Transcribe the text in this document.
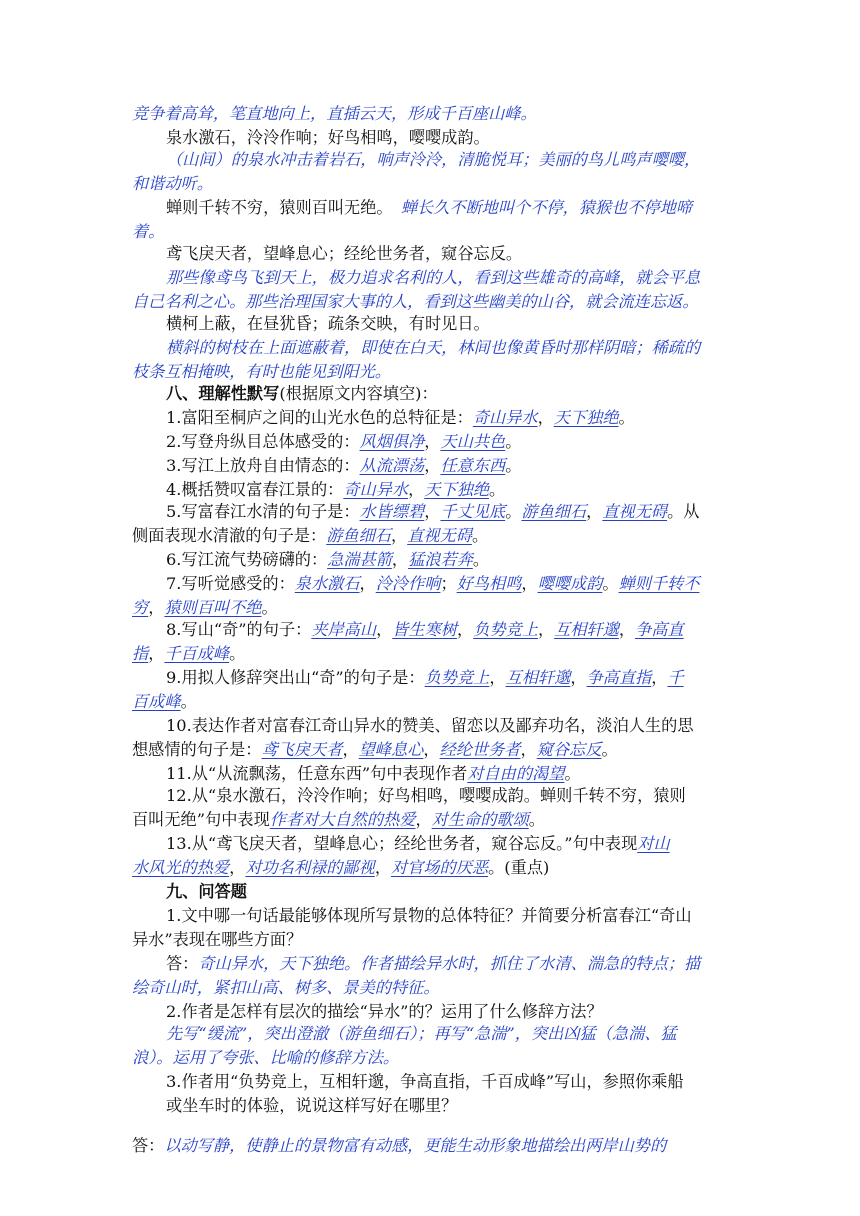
竞争着高耸，笔直地向上，直插云天，形成千百座山峰。
泉水激石，泠泠作响；好鸟相鸣，嘤嘤成韵。
（山间）的泉水冲击着岩石，响声泠泠，清脆悦耳；美丽的鸟儿鸣声嘤嘤，
和谐动听。
蝉则千转不穷，猿则百叫无绝。　蝉长久不断地叫个不停，猿猴也不停地啼
着。
鸢飞戾天者，望峰息心；经纶世务者，窥谷忘反。
那些像鸢鸟飞到天上，极力追求名利的人，看到这些雄奇的高峰，就会平息
自己名利之心。那些治理国家大事的人，看到这些幽美的山谷，就会流连忘返。
横柯上蔽，在昼犹昏；疏条交映，有时见日。
横斜的树枝在上面遮蔽着，即使在白天，林间也像黄昏时那样阴暗；稀疏的
枝条互相掩映，有时也能见到阳光。
八、理解性默写(根据原文内容填空)：
1.富阳至桐庐之间的山光水色的总特征是：奇山异水，天下独绝。
2.写登舟纵目总体感受的：风烟俱净，天山共色。
3.写江上放舟自由情态的：从流漂荡，任意东西。
4.概括赞叹富春江景的：奇山异水，天下独绝。
5.写富春江水清的句子是：水皆缥碧，千丈见底。游鱼细石，直视无碍。从
侧面表现水清澈的句子是：游鱼细石，直视无碍。
6.写江流气势磅礴的：急湍甚箭，猛浪若奔。
7.写听觉感受的：泉水激石，泠泠作响；好鸟相鸣，嘤嘤成韵。蝉则千转不
穷，猿则百叫不绝。
8.写山“奇”的句子：夹岸高山，皆生寒树，负势竞上，互相轩邈，争高直
指，千百成峰。
9.用拟人修辞突出山“奇”的句子是：负势竞上，互相轩邈，争高直指，千
百成峰。
10.表达作者对富春江奇山异水的赞美、留恋以及鄙弃功名，淡泊人生的思
想感情的句子是：鸢飞戾天者，望峰息心，经纶世务者，窥谷忘反。
11.从“从流飘荡，任意东西”句中表现作者对自由的渴望。
12.从“泉水激石，泠泠作响；好鸟相鸣，嘤嘤成韵。蝉则千转不穷，猿则
百叫无绝”句中表现作者对大自然的热爱，对生命的歌颂。
13.从“鸢飞戾天者，望峰息心；经纶世务者，窥谷忘反。”句中表现对山
水风光的热爱，对功名利禄的鄙视，对官场的厌恶。(重点)
九、问答题
1.文中哪一句话最能够体现所写景物的总体特征？并简要分析富春江“奇山
异水”表现在哪些方面？
答：奇山异水，天下独绝。作者描绘异水时，抓住了水清、湍急的特点；描
绘奇山时，紧扣山高、树多、景美的特征。
2.作者是怎样有层次的描绘“异水”的？运用了什么修辞方法？
先写“缓流”，突出澄澈（游鱼细石）；再写“急湍”，突出凶猛（急湍、猛
浪）。运用了夸张、比喻的修辞方法。
3.作者用“负势竞上，互相轩邈，争高直指，千百成峰”写山，参照你乘船
或坐车时的体验，说说这样写好在哪里？
答：以动写静，使静止的景物富有动感，更能生动形象地描绘出两岸山势的
